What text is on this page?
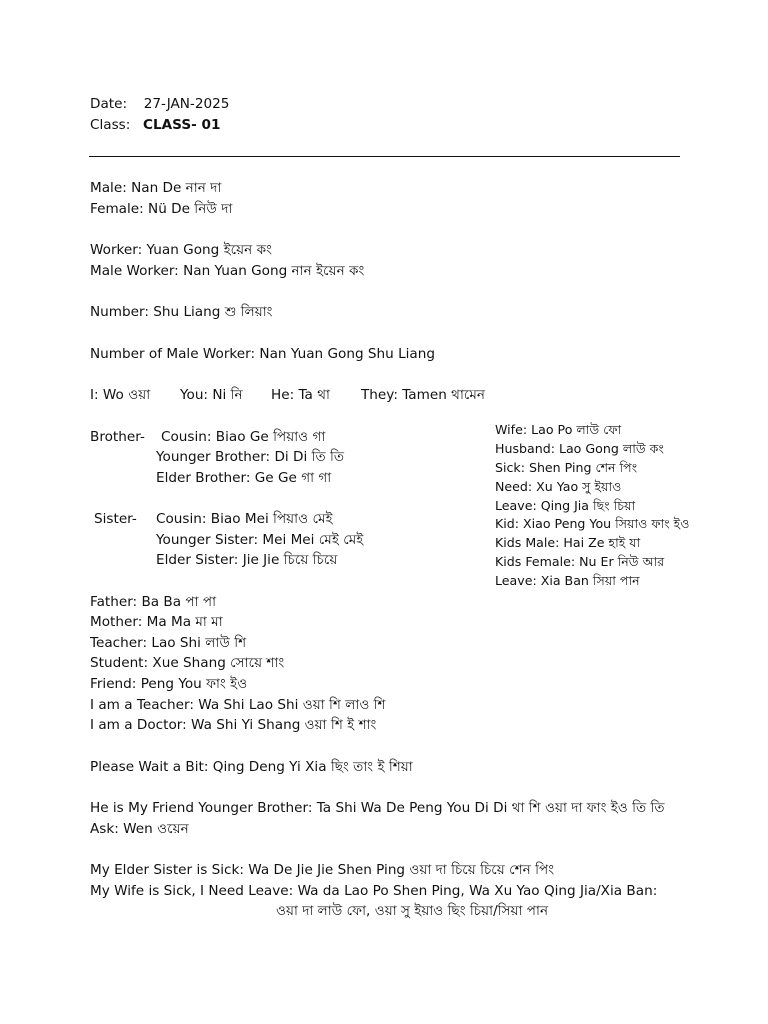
Date: 27-JAN-2025
Class: CLASS- 01
Male: Nan De নান দা
Female: Nü De নিউ দা
Worker: Yuan Gong ইয়েন কং
Male Worker: Nan Yuan Gong নান ইয়েন কং
Number: Shu Liang শু লিয়াং
Number of Male Worker: Nan Yuan Gong Shu Liang
I: Wo ওয়া You: Ni নি He: Ta থা They: Tamen থামেন
Brother- Cousin: Biao Ge পিয়াও গা
Younger Brother: Di Di তি তি
Elder Brother: Ge Ge গা গা
Sister- Cousin: Biao Mei পিয়াও মেই
Younger Sister: Mei Mei মেই মেই
Elder Sister: Jie Jie চিয়ে চিয়ে
Father: Ba Ba পা পা
Mother: Ma Ma মা মা
Teacher: Lao Shi লাউ শি
Student: Xue Shang সোয়ে শাং
Friend: Peng You ফাং ইও
I am a Teacher: Wa Shi Lao Shi ওয়া শি লাও শি
I am a Doctor: Wa Shi Yi Shang ওয়া শি ই শাং
Please Wait a Bit: Qing Deng Yi Xia ছিং তাং ই শিয়া
He is My Friend Younger Brother: Ta Shi Wa De Peng You Di Di থা শি ওয়া দা ফাং ইও তি তি
Ask: Wen ওয়েন
My Elder Sister is Sick: Wa De Jie Jie Shen Ping ওয়া দা চিয়ে চিয়ে শেন পিং
My Wife is Sick, I Need Leave: Wa da Lao Po Shen Ping, Wa Xu Yao Qing Jia/Xia Ban:
ওয়া দা লাউ ফো, ওয়া সু ইয়াও ছিং চিয়া/সিয়া পান
Wife: Lao Po লাউ ফো
Husband: Lao Gong লাউ কং
Sick: Shen Ping শেন পিং
Need: Xu Yao সু ইয়াও
Leave: Qing Jia ছিং চিয়া
Kid: Xiao Peng You সিয়াও ফাং ইও
Kids Male: Hai Ze হাই যা
Kids Female: Nu Er নিউ আর
Leave: Xia Ban সিয়া পান
